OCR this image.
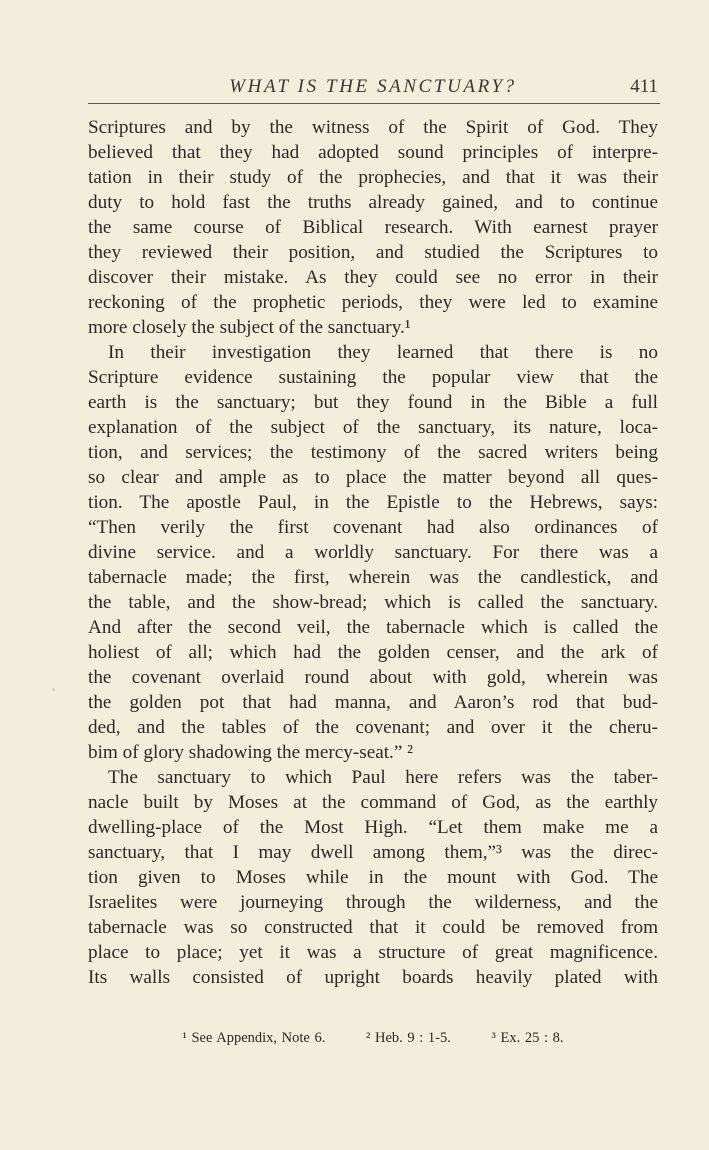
WHAT IS THE SANCTUARY?	411

Scriptures and by the witness of the Spirit of God. They
believed that they had adopted sound principles of interpre-
tation in their study of the prophecies, and that it was their
duty to hold fast the truths already gained, and to continue
the same course of Biblical research. With earnest prayer
they reviewed their position, and studied the Scriptures to
discover their mistake. As they could see no error in their
reckoning of the prophetic periods, they were led to examine
more closely the subject of the sanctuary.¹

In their investigation they learned that there is no
Scripture evidence sustaining the popular view that the
earth is the sanctuary; but they found in the Bible a full
explanation of the subject of the sanctuary, its nature, loca-
tion, and services; the testimony of the sacred writers being
so clear and ample as to place the matter beyond all ques-
tion. The apostle Paul, in the Epistle to the Hebrews, says:
“Then verily the first covenant had also ordinances of
divine service. and a worldly sanctuary. For there was a
tabernacle made; the first, wherein was the candlestick, and
the table, and the show-bread; which is called the sanctuary.
And after the second veil, the tabernacle which is called the
holiest of all; which had the golden censer, and the ark of
the covenant overlaid round about with gold, wherein was
the golden pot that had manna, and Aaron’s rod that bud-
ded, and the tables of the covenant; and over it the cheru-
bim of glory shadowing the mercy-seat.” ²

The sanctuary to which Paul here refers was the taber-
nacle built by Moses at the command of God, as the earthly
dwelling-place of the Most High. “Let them make me a
sanctuary, that I may dwell among them,”³ was the direc-
tion given to Moses while in the mount with God. The
Israelites were journeying through the wilderness, and the
tabernacle was so constructed that it could be removed from
place to place; yet it was a structure of great magnificence.
Its walls consisted of upright boards heavily plated with

¹ See Appendix, Note 6.	² Heb. 9 : 1-5.	³ Ex. 25 : 8.
